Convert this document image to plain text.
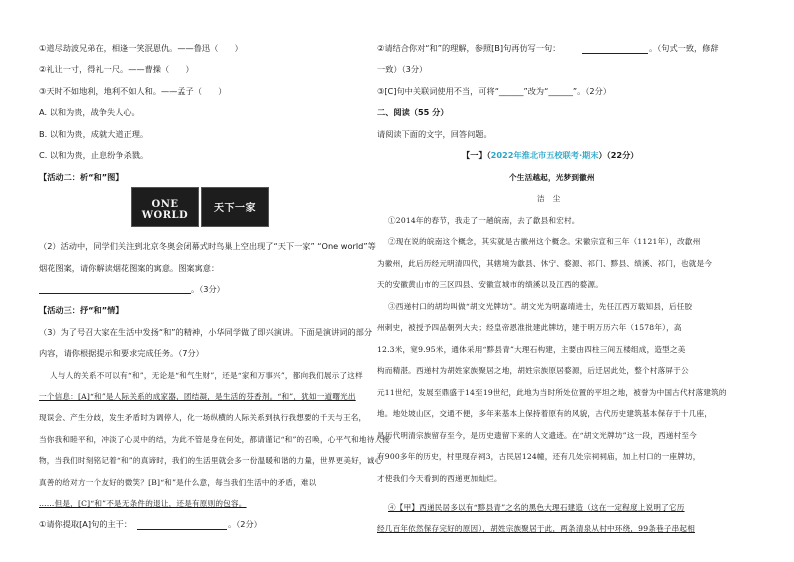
①道尽劫波兄弟在，相逢一笑泯恩仇。——鲁迅（　　）
②礼让一寸，得礼一尺。——曹操（　　）
③天时不如地利，地利不如人和。——孟子（　　）
A. 以和为贵，战争失人心。
B. 以和为贵，成就大道正理。
C. 以和为贵，止息纷争杀戮。
【活动二：析“和”图】
ONE WORLD
天下一家
（2）活动中，同学们关注到北京冬奥会闭幕式时鸟巢上空出现了“天下一家” “One world”等
烟花图案，请你解读烟花图案的寓意。图案寓意：
。（3分）
【活动三：抒“和”情】
（3）为了号召大家在生活中发扬“和”的精神，小华同学做了即兴演讲。下面是演讲词的部分
内容，请你根据提示和要求完成任务。（7分）
人与人的关系不可以有“和”，无论是“和气生财”，还是“家和万事兴”，都向我们展示了这样
一个信息：[A]“和”是人际关系的成家器，团结凝，是生活的芬香剂。“和”，犹如一道曙光出
现误会、产生分歧，发生矛盾时为调停人，化一场纵横的人际关系到执行我想要的千天与王名，
当你我和睦平和，冲淡了心灵中的结，为此不管是身在何处，都请谨记“和”的召唤，心平气和地待人接
物，当我们时刻铭记着“和”的真谛时，我们的生活里就会多一份温暖和谐的力量，世界更美好，诚心
真善的给对方一个友好的微笑？[B]“和”是什么意，每当我们生活中的矛盾，难以
……但是，[C]“和”不是无条件的退让，还是有原则的包容。
①请你提取[A]句的主干：	。（2分）
②请结合你对“和”的理解，参照[B]句再仿写一句：	。（句式一致，修辞
一致）（3分）
③[C]句中关联词使用不当，可将“______”改为“______”。（2分）
二、阅读（55 分）
请阅读下面的文字，回答问题。
【一】（2022年淮北市五校联考·期末）（22分）
个生活越起，光梦到徽州
洁　尘
①2014年的春节，我走了一趟皖南，去了歙县和宏村。
②现在说的皖南这个概念，其实就是古徽州这个概念。宋徽宗宣和三年（1121年），改歙州
为徽州，此后历经元明清四代，其辖境为歙县、休宁、婺源、祁门、黟县、绩溪、祁门，也就是今
天的安徽黄山市的三区四县、安徽宣城市的绩溪以及江西的婺源。
③西递村口的胡均叫做“胡文光牌坊”。胡文光为明嘉靖进士，先任江西万载知县，后任胶
州刺史，被授予四品朝列大夫；经皇帝恩准批建此牌坊，建于明万历六年（1578年），高
12.3米，宽9.95米，通体采用“黟县青”大理石构建，主要由四柱三间五楼组成，造型之美
构而精湛。西递村为胡姓家族聚居之地，胡姓宗族原居婺源，后迁居此处，整个村落屏于公
元11世纪，发展至鼎盛于14至19世纪，此地为当时所处位置的平坦之地，被誉为中国古代村落建筑的
地。地处坡山区，交通不便，多年来基本上保持着原有的风貌，古代历史建筑基本保存于十几座，
是历代明清宗族留存至今，是历史遗留下来的人文遗迹。在“胡文光牌坊”这一段，西递村至今
有900多年的历史，村里现存祠3，古民居124幢，还有几处宗祠祠庙，加上村口的一座牌坊，
才使我们今天看到的西递更加灿烂。
④【甲】西递民居多以有“黟县青”之名的黑色大理石建造（这在一定程度上说明了它历
经几百年依然保存完好的原因），胡姓宗族聚居于此，两条清泉从村中环绕，99条巷子串起相
